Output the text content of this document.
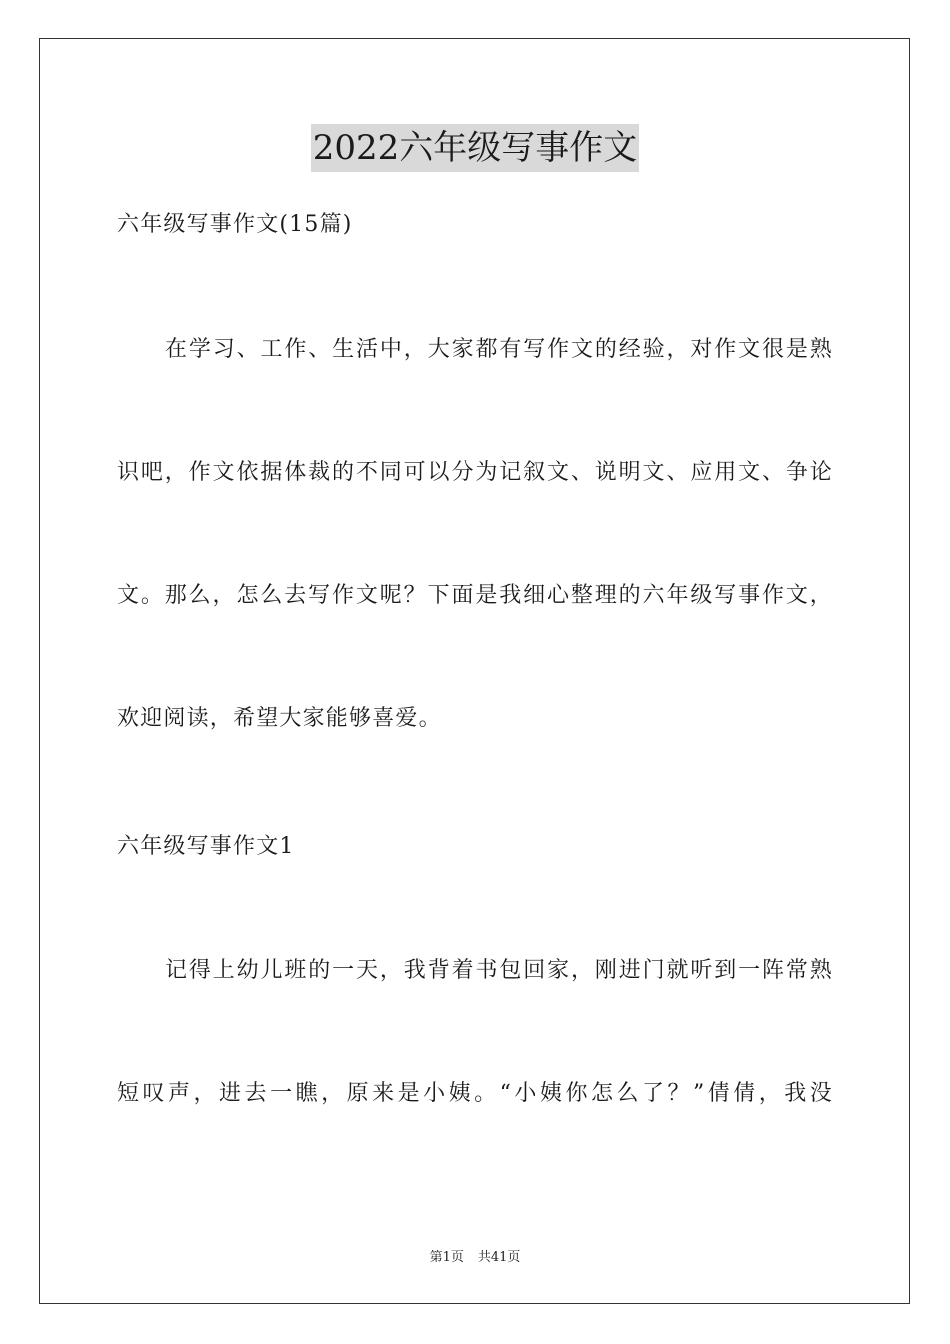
2022六年级写事作文
六年级写事作文(15篇)
在学习、工作、生活中，大家都有写作文的经验，对作文很是熟
识吧，作文依据体裁的不同可以分为记叙文、说明文、应用文、争论
文。那么，怎么去写作文呢？下面是我细心整理的六年级写事作文，
欢迎阅读，希望大家能够喜爱。
六年级写事作文1
记得上幼儿班的一天，我背着书包回家，刚进门就听到一阵常熟
短叹声，进去一瞧，原来是小姨。“小姨你怎么了？”倩倩，我没
第1页 共41页
